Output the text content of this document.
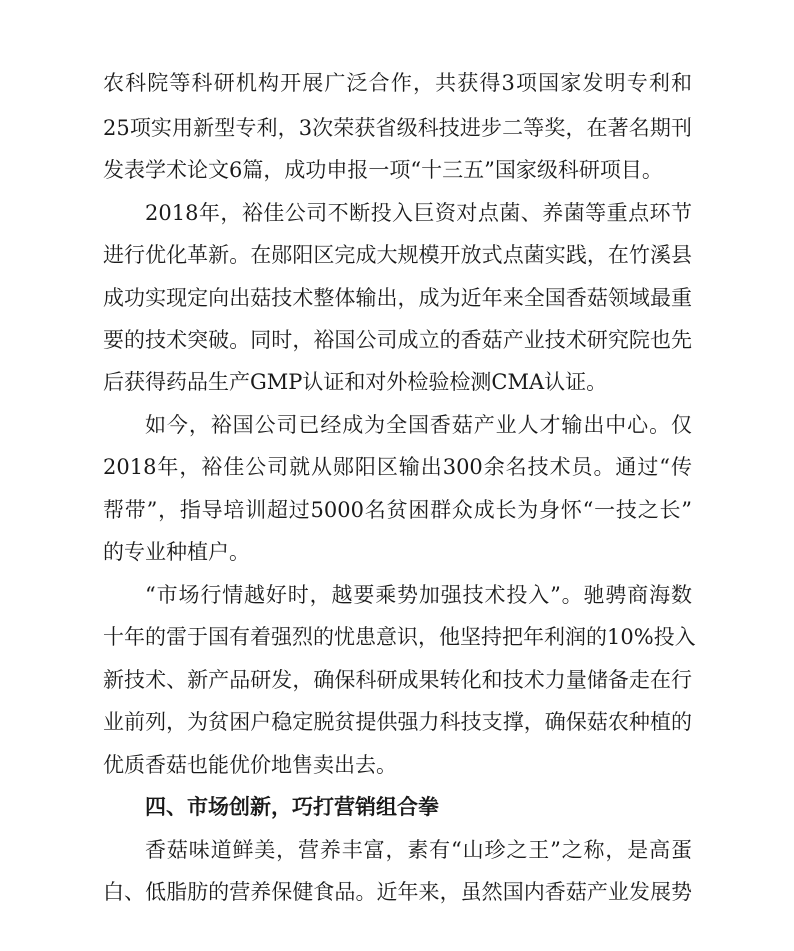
农科院等科研机构开展广泛合作，共获得3项国家发明专利和
25项实用新型专利，3次荣获省级科技进步二等奖，在著名期刊
发表学术论文6篇，成功申报一项“十三五”国家级科研项目。
2018年，裕佳公司不断投入巨资对点菌、养菌等重点环节
进行优化革新。在郧阳区完成大规模开放式点菌实践，在竹溪县
成功实现定向出菇技术整体输出，成为近年来全国香菇领域最重
要的技术突破。同时，裕国公司成立的香菇产业技术研究院也先
后获得药品生产GMP认证和对外检验检测CMA认证。
如今，裕国公司已经成为全国香菇产业人才输出中心。仅
2018年，裕佳公司就从郧阳区输出300余名技术员。通过“传
帮带”，指导培训超过5000名贫困群众成长为身怀“一技之长”
的专业种植户。
“市场行情越好时，越要乘势加强技术投入”。驰骋商海数
十年的雷于国有着强烈的忧患意识，他坚持把年利润的10%投入
新技术、新产品研发，确保科研成果转化和技术力量储备走在行
业前列，为贫困户稳定脱贫提供强力科技支撑，确保菇农种植的
优质香菇也能优价地售卖出去。
四、市场创新，巧打营销组合拳
香菇味道鲜美，营养丰富，素有“山珍之王”之称，是高蛋
白、低脂肪的营养保健食品。近年来，虽然国内香菇产业发展势
